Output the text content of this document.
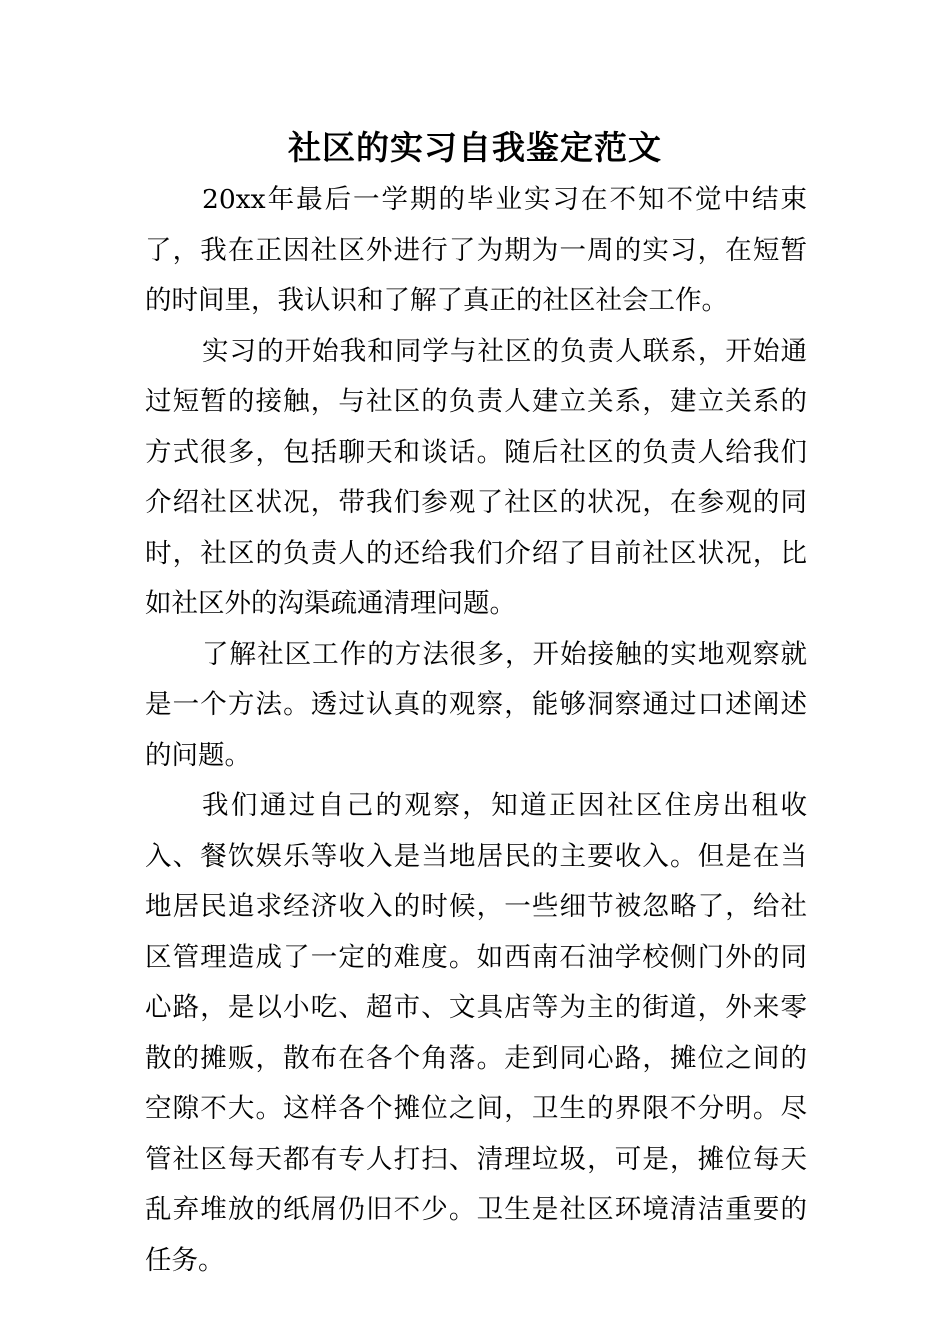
社区的实习自我鉴定范文

20xx年最后一学期的毕业实习在不知不觉中结束了，我在正因社区外进行了为期为一周的实习，在短暂的时间里，我认识和了解了真正的社区社会工作。

实习的开始我和同学与社区的负责人联系，开始通过短暂的接触，与社区的负责人建立关系，建立关系的方式很多，包括聊天和谈话。随后社区的负责人给我们介绍社区状况，带我们参观了社区的状况，在参观的同时，社区的负责人的还给我们介绍了目前社区状况，比如社区外的沟渠疏通清理问题。

了解社区工作的方法很多，开始接触的实地观察就是一个方法。透过认真的观察，能够洞察通过口述阐述的问题。

我们通过自己的观察，知道正因社区住房出租收入、餐饮娱乐等收入是当地居民的主要收入。但是在当地居民追求经济收入的时候，一些细节被忽略了，给社区管理造成了一定的难度。如西南石油学校侧门外的同心路，是以小吃、超市、文具店等为主的街道，外来零散的摊贩，散布在各个角落。走到同心路，摊位之间的空隙不大。这样各个摊位之间，卫生的界限不分明。尽管社区每天都有专人打扫、清理垃圾，可是，摊位每天乱弃堆放的纸屑仍旧不少。卫生是社区环境清洁重要的任务。
